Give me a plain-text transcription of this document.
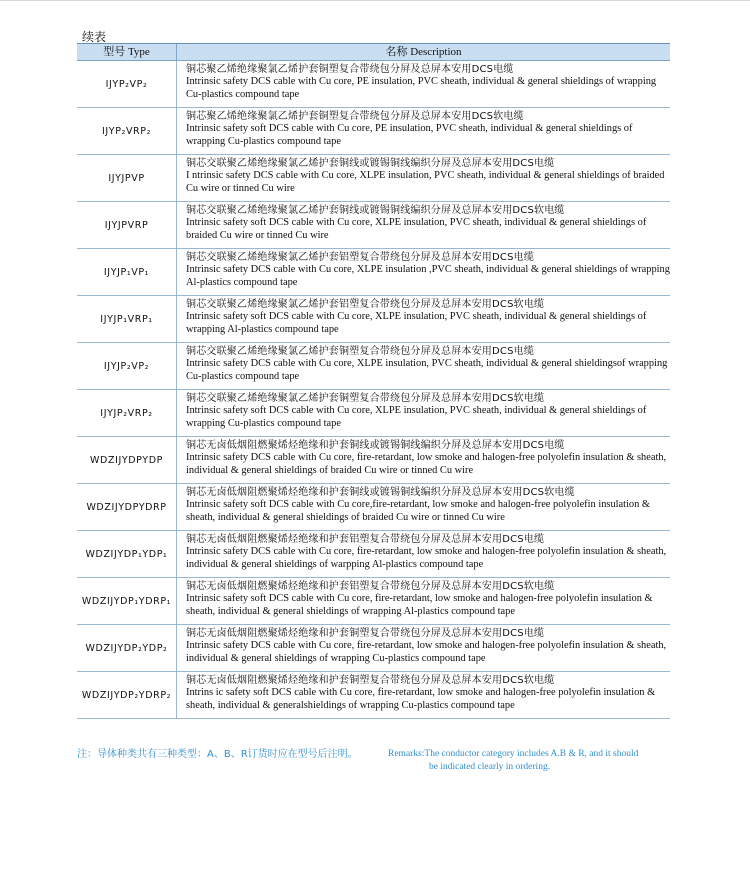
续表
型号 Type	名称 Description
IJYP₂VP₂
铜芯聚乙烯绝缘聚氯乙烯护套铜塑复合带绕包分屏及总屏本安用DCS电缆
Intrinsic safety DCS cable with Cu core, PE insulation, PVC sheath, individual & general shieldings of wrapping Cu-plastics compound tape
IJYP₂VRP₂
铜芯聚乙烯绝缘聚氯乙烯护套铜塑复合带绕包分屏及总屏本安用DCS软电缆
Intrinsic safety soft DCS cable with Cu core, PE insulation, PVC sheath, individual & general shieldings of wrapping Cu-plastics compound tape
IJYJPVP
铜芯交联聚乙烯绝缘聚氯乙烯护套铜线或镀锡铜线编织分屏及总屏本安用DCS电缆
I ntrinsic safety DCS cable with Cu core, XLPE insulation, PVC sheath, individual & general shieldings of braided Cu wire or tinned Cu wire
IJYJPVRP
铜芯交联聚乙烯绝缘聚氯乙烯护套铜线或镀锡铜线编织分屏及总屏本安用DCS软电缆
Intrinsic safety soft DCS cable with Cu core, XLPE insulation, PVC sheath, individual & general shieldings of braided Cu wire or tinned Cu wire
IJYJP₁VP₁
铜芯交联聚乙烯绝缘聚氯乙烯护套铝塑复合带绕包分屏及总屏本安用DCS电缆
Intrinsic safety DCS cable with Cu core, XLPE insulation ,PVC sheath, individual & general shieldings of wrapping Al-plastics compound tape
IJYJP₁VRP₁
铜芯交联聚乙烯绝缘聚氯乙烯护套铝塑复合带绕包分屏及总屏本安用DCS软电缆
Intrinsic safety soft DCS cable with Cu core, XLPE insulation, PVC sheath, individual & general shieldings of wrapping Al-plastics compound tape
IJYJP₂VP₂
铜芯交联聚乙烯绝缘聚氯乙烯护套铜塑复合带绕包分屏及总屏本安用DCS电缆
Intrinsic safety DCS cable with Cu core, XLPE insulation, PVC sheath, individual & general shieldingsof wrapping Cu-plastics compound tape
IJYJP₂VRP₂
铜芯交联聚乙烯绝缘聚氯乙烯护套铜塑复合带绕包分屏及总屏本安用DCS软电缆
Intrinsic safety soft DCS cable with Cu core, XLPE insulation, PVC sheath, individual & general shieldings of wrapping Cu-plastics compound tape
WDZIJYDPYDP
铜芯无卤低烟阻燃聚烯烃绝缘和护套铜线或镀锡铜线编织分屏及总屏本安用DCS电缆
Intrinsic safety DCS cable with Cu core, fire-retardant, low smoke and halogen-free polyolefin insulation & sheath, individual & general shieldings of braided Cu wire or tinned Cu wire
WDZIJYDPYDRP
铜芯无卤低烟阻燃聚烯烃绝缘和护套铜线或镀锡铜线编织分屏及总屏本安用DCS软电缆
Intrinsic safety soft DCS cable with Cu core,fire-retardant, low smoke and halogen-free polyolefin insulation & sheath, individual & general shieldings of braided Cu wire or tinned Cu wire
WDZIJYDP₁YDP₁
铜芯无卤低烟阻燃聚烯烃绝缘和护套铝塑复合带绕包分屏及总屏本安用DCS电缆
Intrinsic safety DCS cable with Cu core, fire-retardant, low smoke and halogen-free polyolefin insulation & sheath, individual & general shieldings of warpping Al-plastics compound tape
WDZIJYDP₁YDRP₁
铜芯无卤低烟阻燃聚烯烃绝缘和护套铝塑复合带绕包分屏及总屏本安用DCS软电缆
Intrinsic safety soft DCS cable with Cu core, fire-retardant, low smoke and halogen-free polyolefin insulation & sheath, individual & general shieldings of wrapping Al-plastics compound tape
WDZIJYDP₂YDP₂
铜芯无卤低烟阻燃聚烯烃绝缘和护套铜塑复合带绕包分屏及总屏本安用DCS电缆
Intrinsic safety DCS cable with Cu core, fire-retardant, low smoke and halogen-free polyolefin insulation & sheath, individual & general shieldings of wrapping Cu-plastics compound tape
WDZIJYDP₂YDRP₂
铜芯无卤低烟阻燃聚烯烃绝缘和护套铜塑复合带绕包分屏及总屏本安用DCS软电缆
Intrins ic safety soft DCS cable with Cu core, fire-retardant, low smoke and halogen-free polyolefin insulation & sheath, individual & generalshieldings of wrapping Cu-plastics compound tape
注：导体种类共有三种类型：A、B、R订货时应在型号后注明。	Remarks:The conductor category includes A.B & R, and it should
be indicated clearly in ordering.
